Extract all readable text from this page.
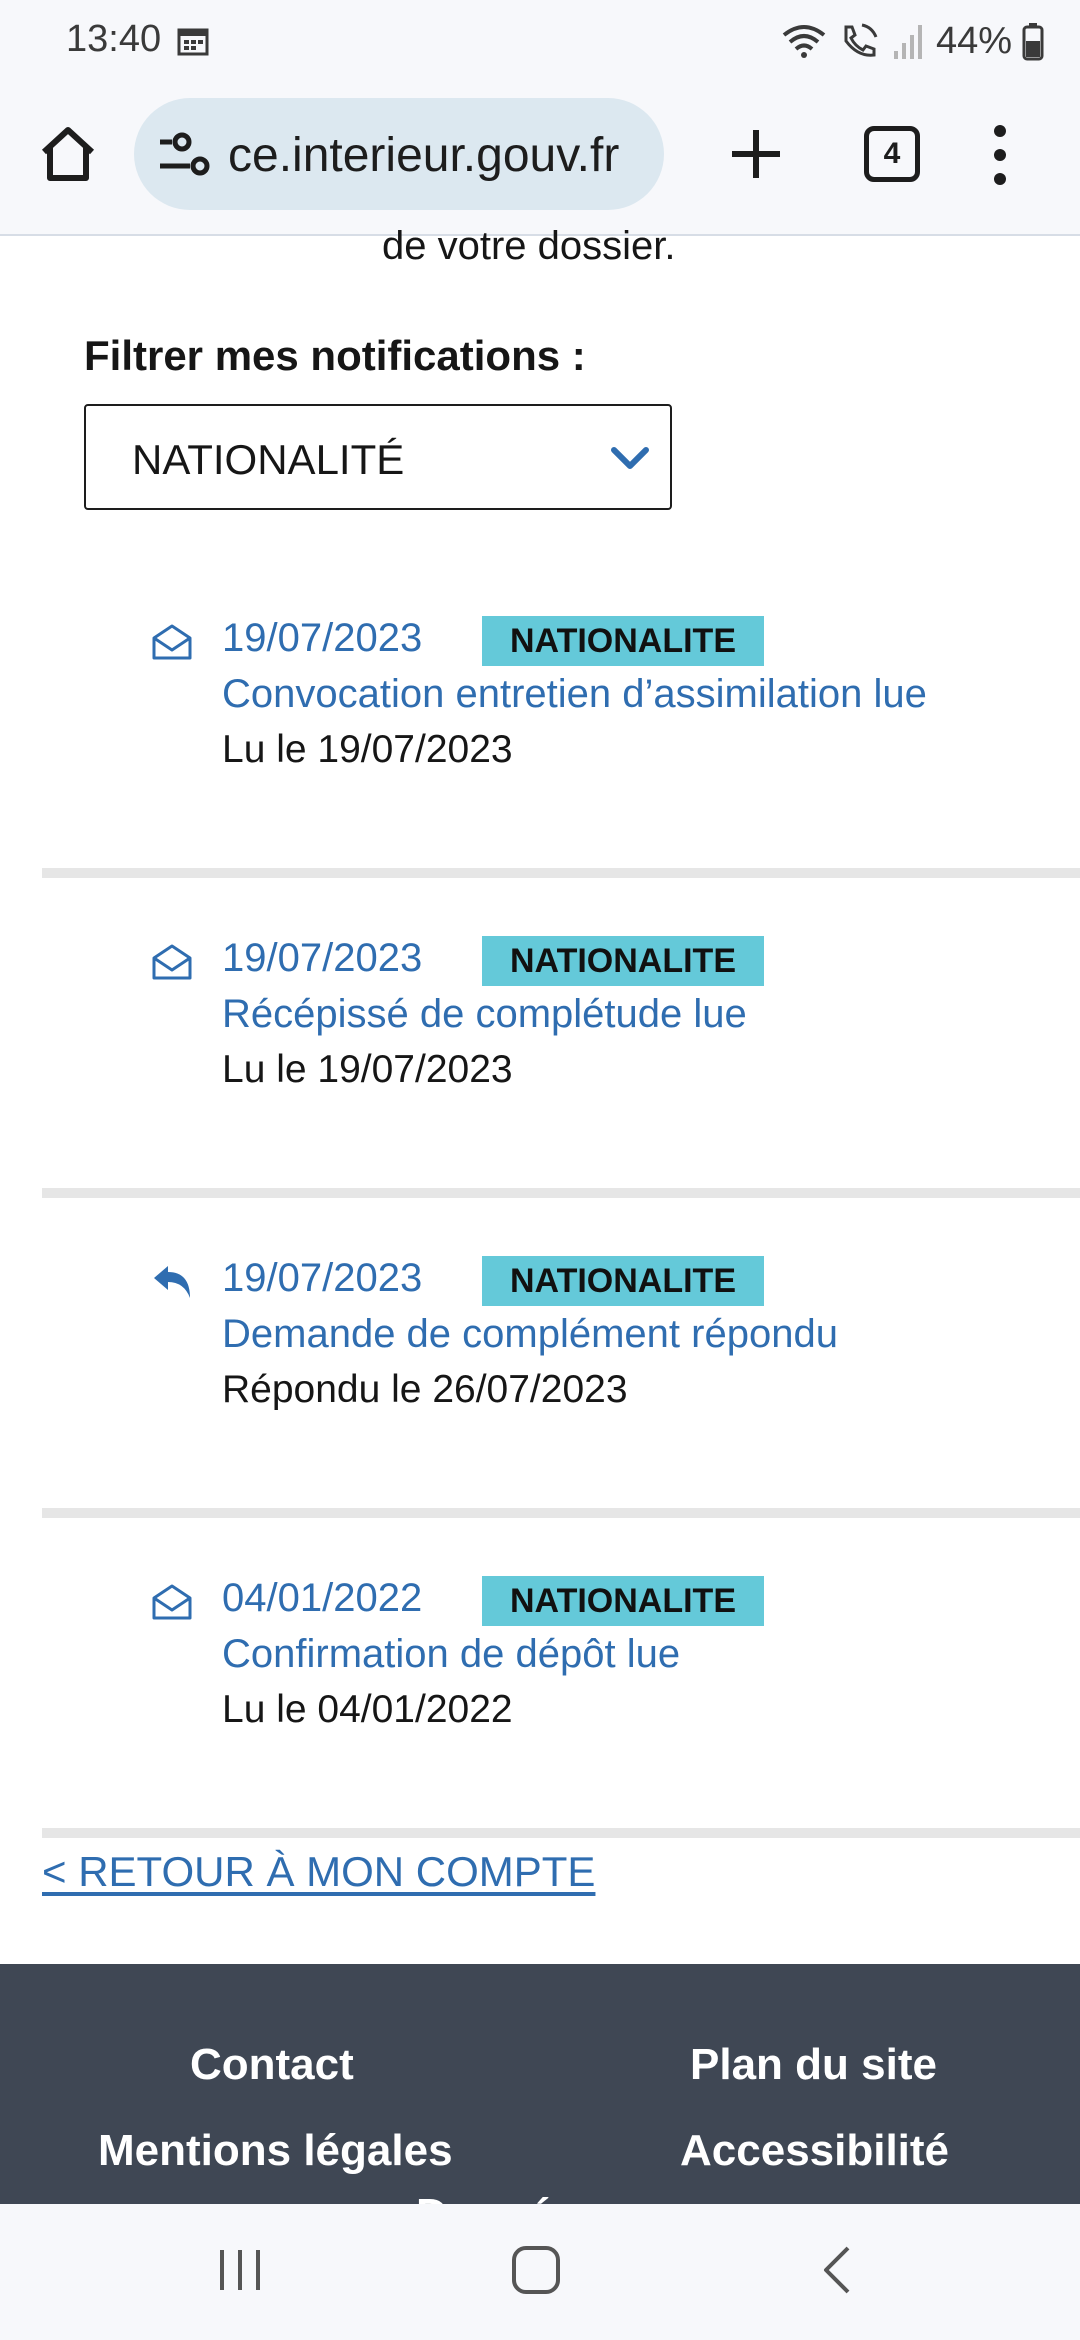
13:40	44%
ce.interieur.gouv.fr	4
de votre dossier.
Filtrer mes notifications :
NATIONALITÉ
19/07/2023	NATIONALITE
Convocation entretien d’assimilation lue
Lu le 19/07/2023
19/07/2023	NATIONALITE
Récépissé de complétude lue
Lu le 19/07/2023
19/07/2023	NATIONALITE
Demande de complément répondu
Répondu le 26/07/2023
04/01/2022	NATIONALITE
Confirmation de dépôt lue
Lu le 04/01/2022
< RETOUR À MON COMPTE
Contact	Plan du site
Mentions légales	Accessibilité
